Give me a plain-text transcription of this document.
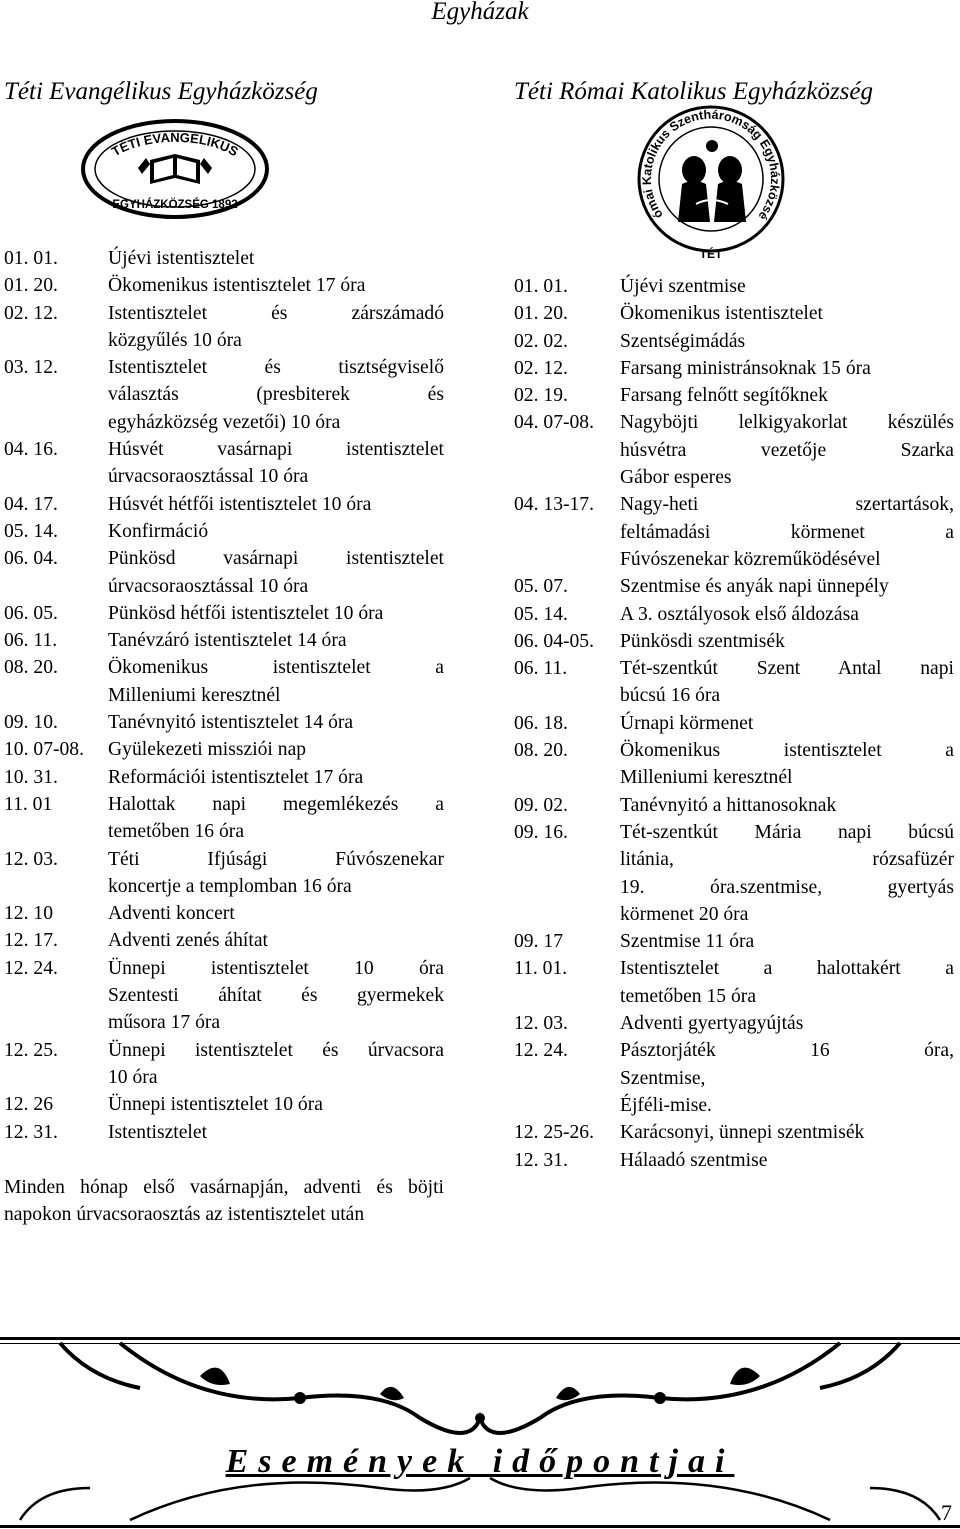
Egyházak
Téti Evangélikus Egyházközség	Téti Római Katolikus Egyházközség
TÉTI EVANGÉLIKUS
EGYHÁZKÖZSÉG 1892
ómai Katolikus Szentháromság Egyházközsé
TÉT
01. 01.	Újévi istentisztelet
01. 20.	Ökomenikus istentisztelet 17 óra
02. 12.	Istentisztelet és zárszámadó
közgyűlés 10 óra
03. 12.	Istentisztelet és tisztségviselő
választás (presbiterek és
egyházközség vezetői) 10 óra
04. 16.	Húsvét vasárnapi istentisztelet
úrvacsoraosztással 10 óra
04. 17.	Húsvét hétfői istentisztelet 10 óra
05. 14.	Konfirmáció
06. 04.	Pünkösd vasárnapi istentisztelet
úrvacsoraosztással 10 óra
06. 05.	Pünkösd hétfői istentisztelet 10 óra
06. 11.	Tanévzáró istentisztelet 14 óra
08. 20.	Ökomenikus istentisztelet a
Milleniumi keresztnél
09. 10.	Tanévnyitó istentisztelet 14 óra
10. 07-08.	Gyülekezeti missziói nap
10. 31.	Reformációi istentisztelet 17 óra
11. 01	Halottak napi megemlékezés a
temetőben 16 óra
12. 03.	Téti Ifjúsági Fúvószenekar
koncertje a templomban 16 óra
12. 10	Adventi koncert
12. 17.	Adventi zenés áhítat
12. 24.	Ünnepi istentisztelet 10 óra
Szentesti áhítat és gyermekek
műsora 17 óra
12. 25.	Ünnepi istentisztelet és úrvacsora
10 óra
12. 26	Ünnepi istentisztelet 10 óra
12. 31.	Istentisztelet
01. 01.	Újévi szentmise
01. 20.	Ökomenikus istentisztelet
02. 02.	Szentségimádás
02. 12.	Farsang ministránsoknak 15 óra
02. 19.	Farsang felnőtt segítőknek
04. 07-08.	Nagyböjti lelkigyakorlat készülés
húsvétra vezetője Szarka
Gábor esperes
04. 13-17.	Nagy-heti szertartások,
feltámadási körmenet a
Fúvószenekar közreműködésével
05. 07.	Szentmise és anyák napi ünnepély
05. 14.	A 3. osztályosok első áldozása
06. 04-05.	Pünkösdi szentmisék
06. 11.	Tét-szentkút Szent Antal napi
búcsú 16 óra
06. 18.	Úrnapi körmenet
08. 20.	Ökomenikus istentisztelet a
Milleniumi keresztnél
09. 02.	Tanévnyitó a hittanosoknak
09. 16.	Tét-szentkút Mária napi búcsú
litánia, rózsafüzér
19. óra.szentmise, gyertyás
körmenet 20 óra
09. 17	Szentmise 11 óra
11. 01.	Istentisztelet a halottakért a
temetőben 15 óra
12. 03.	Adventi gyertyagyújtás
12. 24.	Pásztorjáték 16 óra,
Szentmise,
Éjféli-mise.
12. 25-26.	Karácsonyi, ünnepi szentmisék
12. 31.	Hálaadó szentmise
Minden hónap első vasárnapján, adventi és böjti napokon úrvacsoraosztás az istentisztelet után
Események időpontjai
7
